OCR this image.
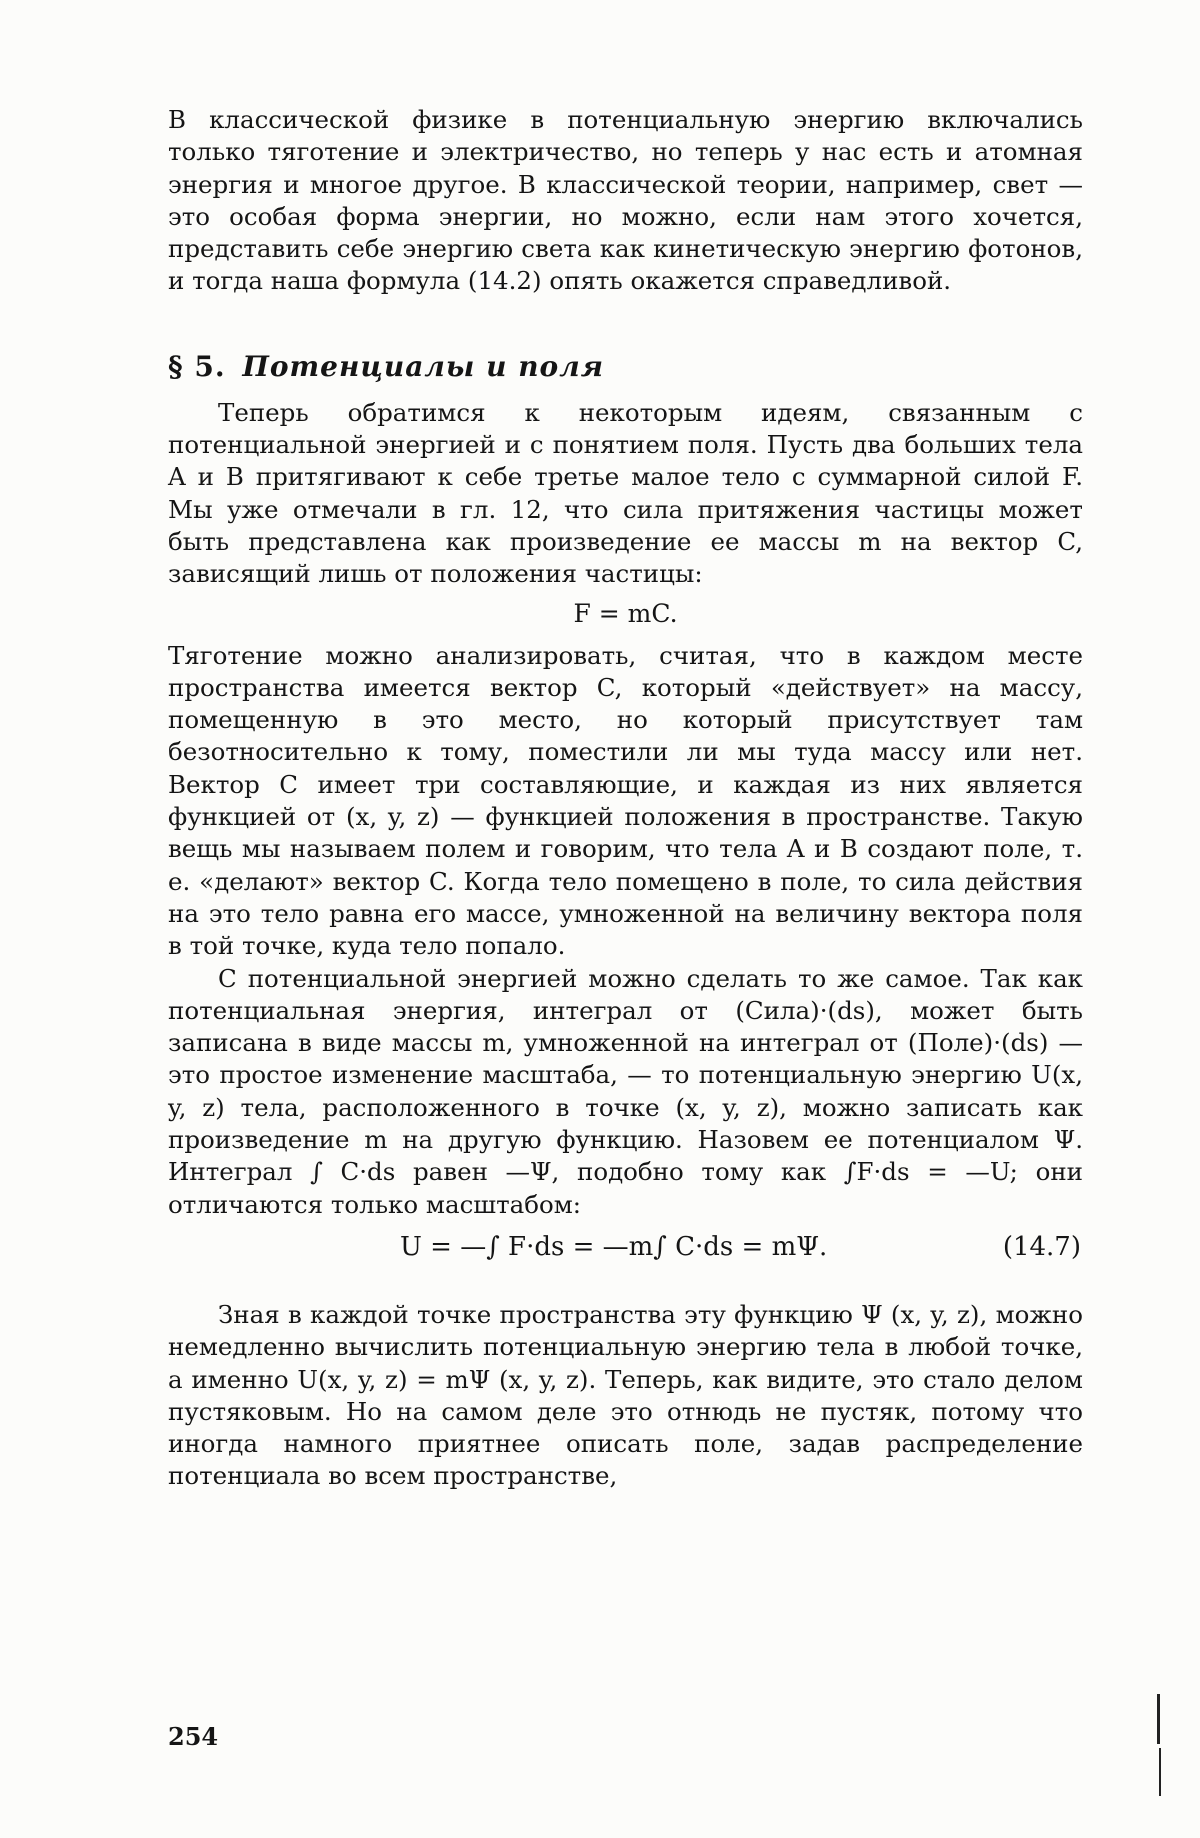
В классической физике в потенциальную энергию включались только тяготение и электричество, но теперь у нас есть и атомная энергия и многое другое. В классической теории, например, свет — это особая форма энергии, но можно, если нам этого хочется, представить себе энергию света как кинетическую энергию фотонов, и тогда наша формула (14.2) опять окажется справедливой.

§ 5. Потенциалы и поля

Теперь обратимся к некоторым идеям, связанным с потенциальной энергией и с понятием поля. Пусть два больших тела A и B притягивают к себе третье малое тело с суммарной силой F. Мы уже отмечали в гл. 12, что сила притяжения частицы может быть представлена как произведение ее массы m на вектор C, зависящий лишь от положения частицы:

F = mC.

Тяготение можно анализировать, считая, что в каждом месте пространства имеется вектор C, который «действует» на массу, помещенную в это место, но который присутствует там безотносительно к тому, поместили ли мы туда массу или нет. Вектор C имеет три составляющие, и каждая из них является функцией от (x, y, z) — функцией положения в пространстве. Такую вещь мы называем полем и говорим, что тела A и B создают поле, т. е. «делают» вектор C. Когда тело помещено в поле, то сила действия на это тело равна его массе, умноженной на величину вектора поля в той точке, куда тело попало.

С потенциальной энергией можно сделать то же самое. Так как потенциальная энергия, интеграл от (Сила)·(ds), может быть записана в виде массы m, умноженной на интеграл от (Поле)·(ds) — это простое изменение масштаба, — то потенциальную энергию U(x, y, z) тела, расположенного в точке (x, y, z), можно записать как произведение m на другую функцию. Назовем ее потенциалом Ψ. Интеграл ∫ C·ds равен —Ψ, подобно тому как ∫F·ds = —U; они отличаются только масштабом:

U = —∫ F·ds = —m∫ C·ds = mΨ.	(14.7)

Зная в каждой точке пространства эту функцию Ψ (x, y, z), можно немедленно вычислить потенциальную энергию тела в любой точке, а именно U(x, y, z) = mΨ (x, y, z). Теперь, как видите, это стало делом пустяковым. Но на самом деле это отнюдь не пустяк, потому что иногда намного приятнее описать поле, задав распределение потенциала во всем пространстве,

254
